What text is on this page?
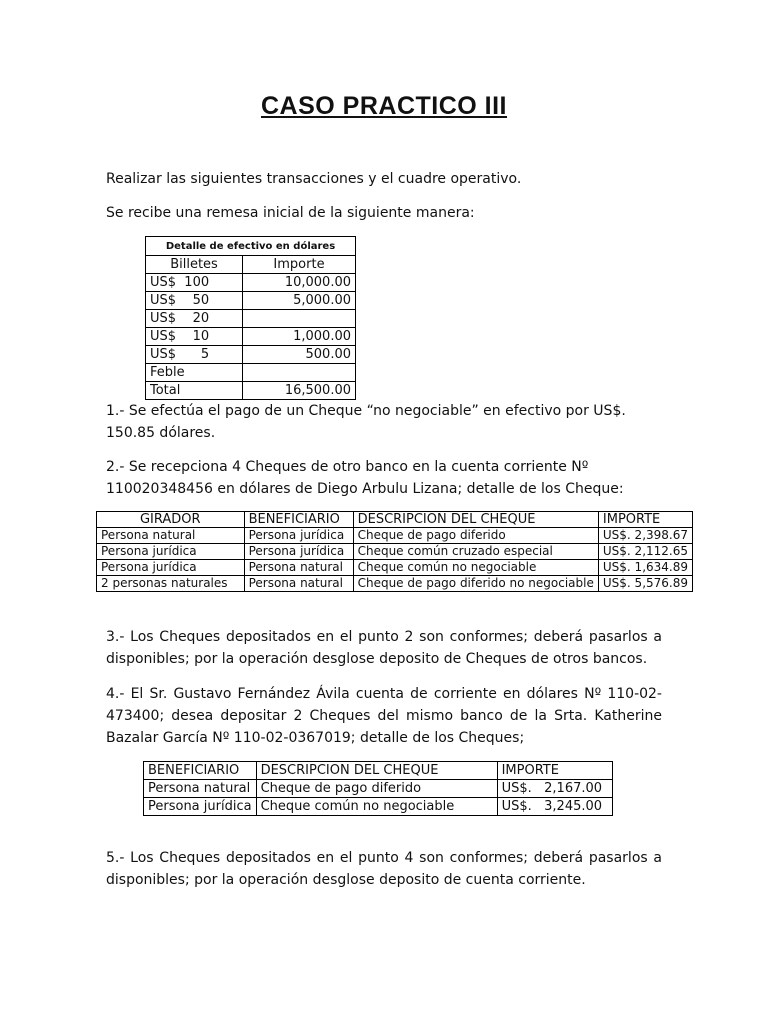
CASO PRACTICO III
Realizar las siguientes transacciones y el cuadre operativo.
Se recibe una remesa inicial de la siguiente manera:
Detalle de efectivo en dólares	
Billetes	Importe
US$  100	10,000.00
US$    50	5,000.00
US$    20	
US$    10	1,000.00
US$      5	500.00
Feble	
Total	16,500.00
1.- Se efectúa el pago de un Cheque “no negociable” en efectivo por US$. 150.85 dólares.
2.- Se recepciona 4 Cheques de otro banco en la cuenta corriente Nº 110020348456 en dólares de Diego Arbulu Lizana; detalle de los Cheque:
GIRADOR	BENEFICIARIO	DESCRIPCION DEL CHEQUE	IMPORTE
Persona natural	Persona jurídica	Cheque de pago diferido	US$. 2,398.67
Persona jurídica	Persona jurídica	Cheque común cruzado especial	US$. 2,112.65
Persona jurídica	Persona natural	Cheque común no negociable	US$. 1,634.89
2 personas naturales	Persona natural	Cheque de pago diferido no negociable	US$. 5,576.89
3.- Los Cheques depositados en el punto 2 son conformes; deberá pasarlos a disponibles; por la operación desglose deposito de Cheques de otros bancos.
4.- El Sr. Gustavo Fernández Ávila cuenta de corriente en dólares Nº 110-02-473400; desea depositar 2 Cheques del mismo banco de la Srta. Katherine Bazalar García Nº 110-02-0367019; detalle de los Cheques;
BENEFICIARIO	DESCRIPCION DEL CHEQUE	IMPORTE
Persona natural	Cheque de pago diferido	US$.   2,167.00
Persona jurídica	Cheque común no negociable	US$.   3,245.00
5.- Los Cheques depositados en el punto 4 son conformes; deberá pasarlos a disponibles; por la operación desglose deposito de cuenta corriente.
